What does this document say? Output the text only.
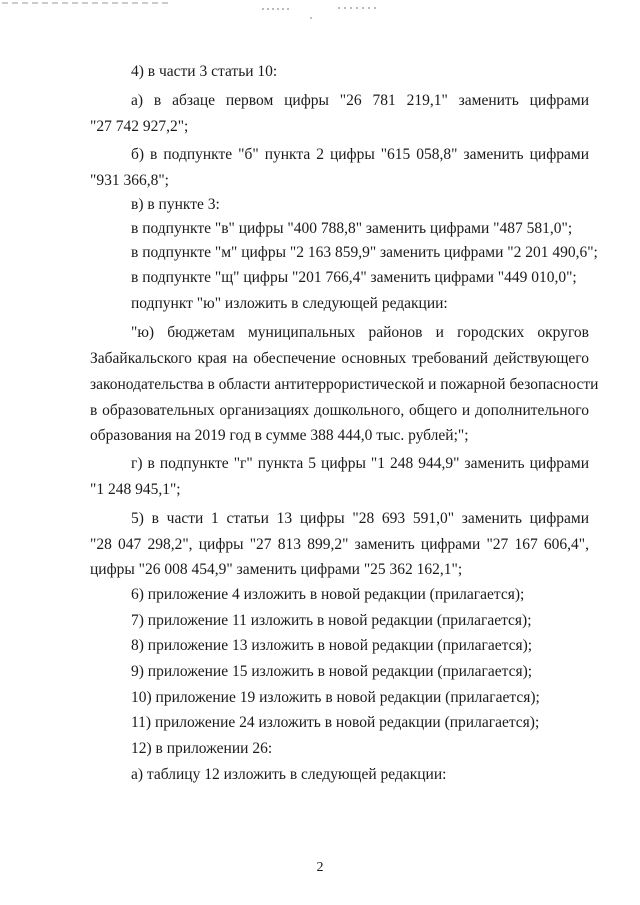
4) в части 3 статьи 10:
а) в абзаце первом цифры "26 781 219,1" заменить цифрами
"27 742 927,2";
б) в подпункте "б" пункта 2 цифры "615 058,8" заменить цифрами
"931 366,8";
в) в пункте 3:
в подпункте "в" цифры "400 788,8" заменить цифрами "487 581,0";
в подпункте "м" цифры "2 163 859,9" заменить цифрами "2 201 490,6";
в подпункте "щ" цифры "201 766,4" заменить цифрами "449 010,0";
подпункт "ю" изложить в следующей редакции:
"ю) бюджетам муниципальных районов и городских округов
Забайкальского края на обеспечение основных требований действующего
законодательства в области антитеррористической и пожарной безопасности
в образовательных организациях дошкольного, общего и дополнительного
образования на 2019 год в сумме 388 444,0 тыс. рублей;";
г) в подпункте "г" пункта 5 цифры "1 248 944,9" заменить цифрами
"1 248 945,1";
5) в части 1 статьи 13 цифры "28 693 591,0" заменить цифрами
"28 047 298,2", цифры "27 813 899,2" заменить цифрами "27 167 606,4",
цифры "26 008 454,9" заменить цифрами "25 362 162,1";
6) приложение 4 изложить в новой редакции (прилагается);
7) приложение 11 изложить в новой редакции (прилагается);
8) приложение 13 изложить в новой редакции (прилагается);
9) приложение 15 изложить в новой редакции (прилагается);
10) приложение 19 изложить в новой редакции (прилагается);
11) приложение 24 изложить в новой редакции (прилагается);
12) в приложении 26:
а) таблицу 12 изложить в следующей редакции:
2
